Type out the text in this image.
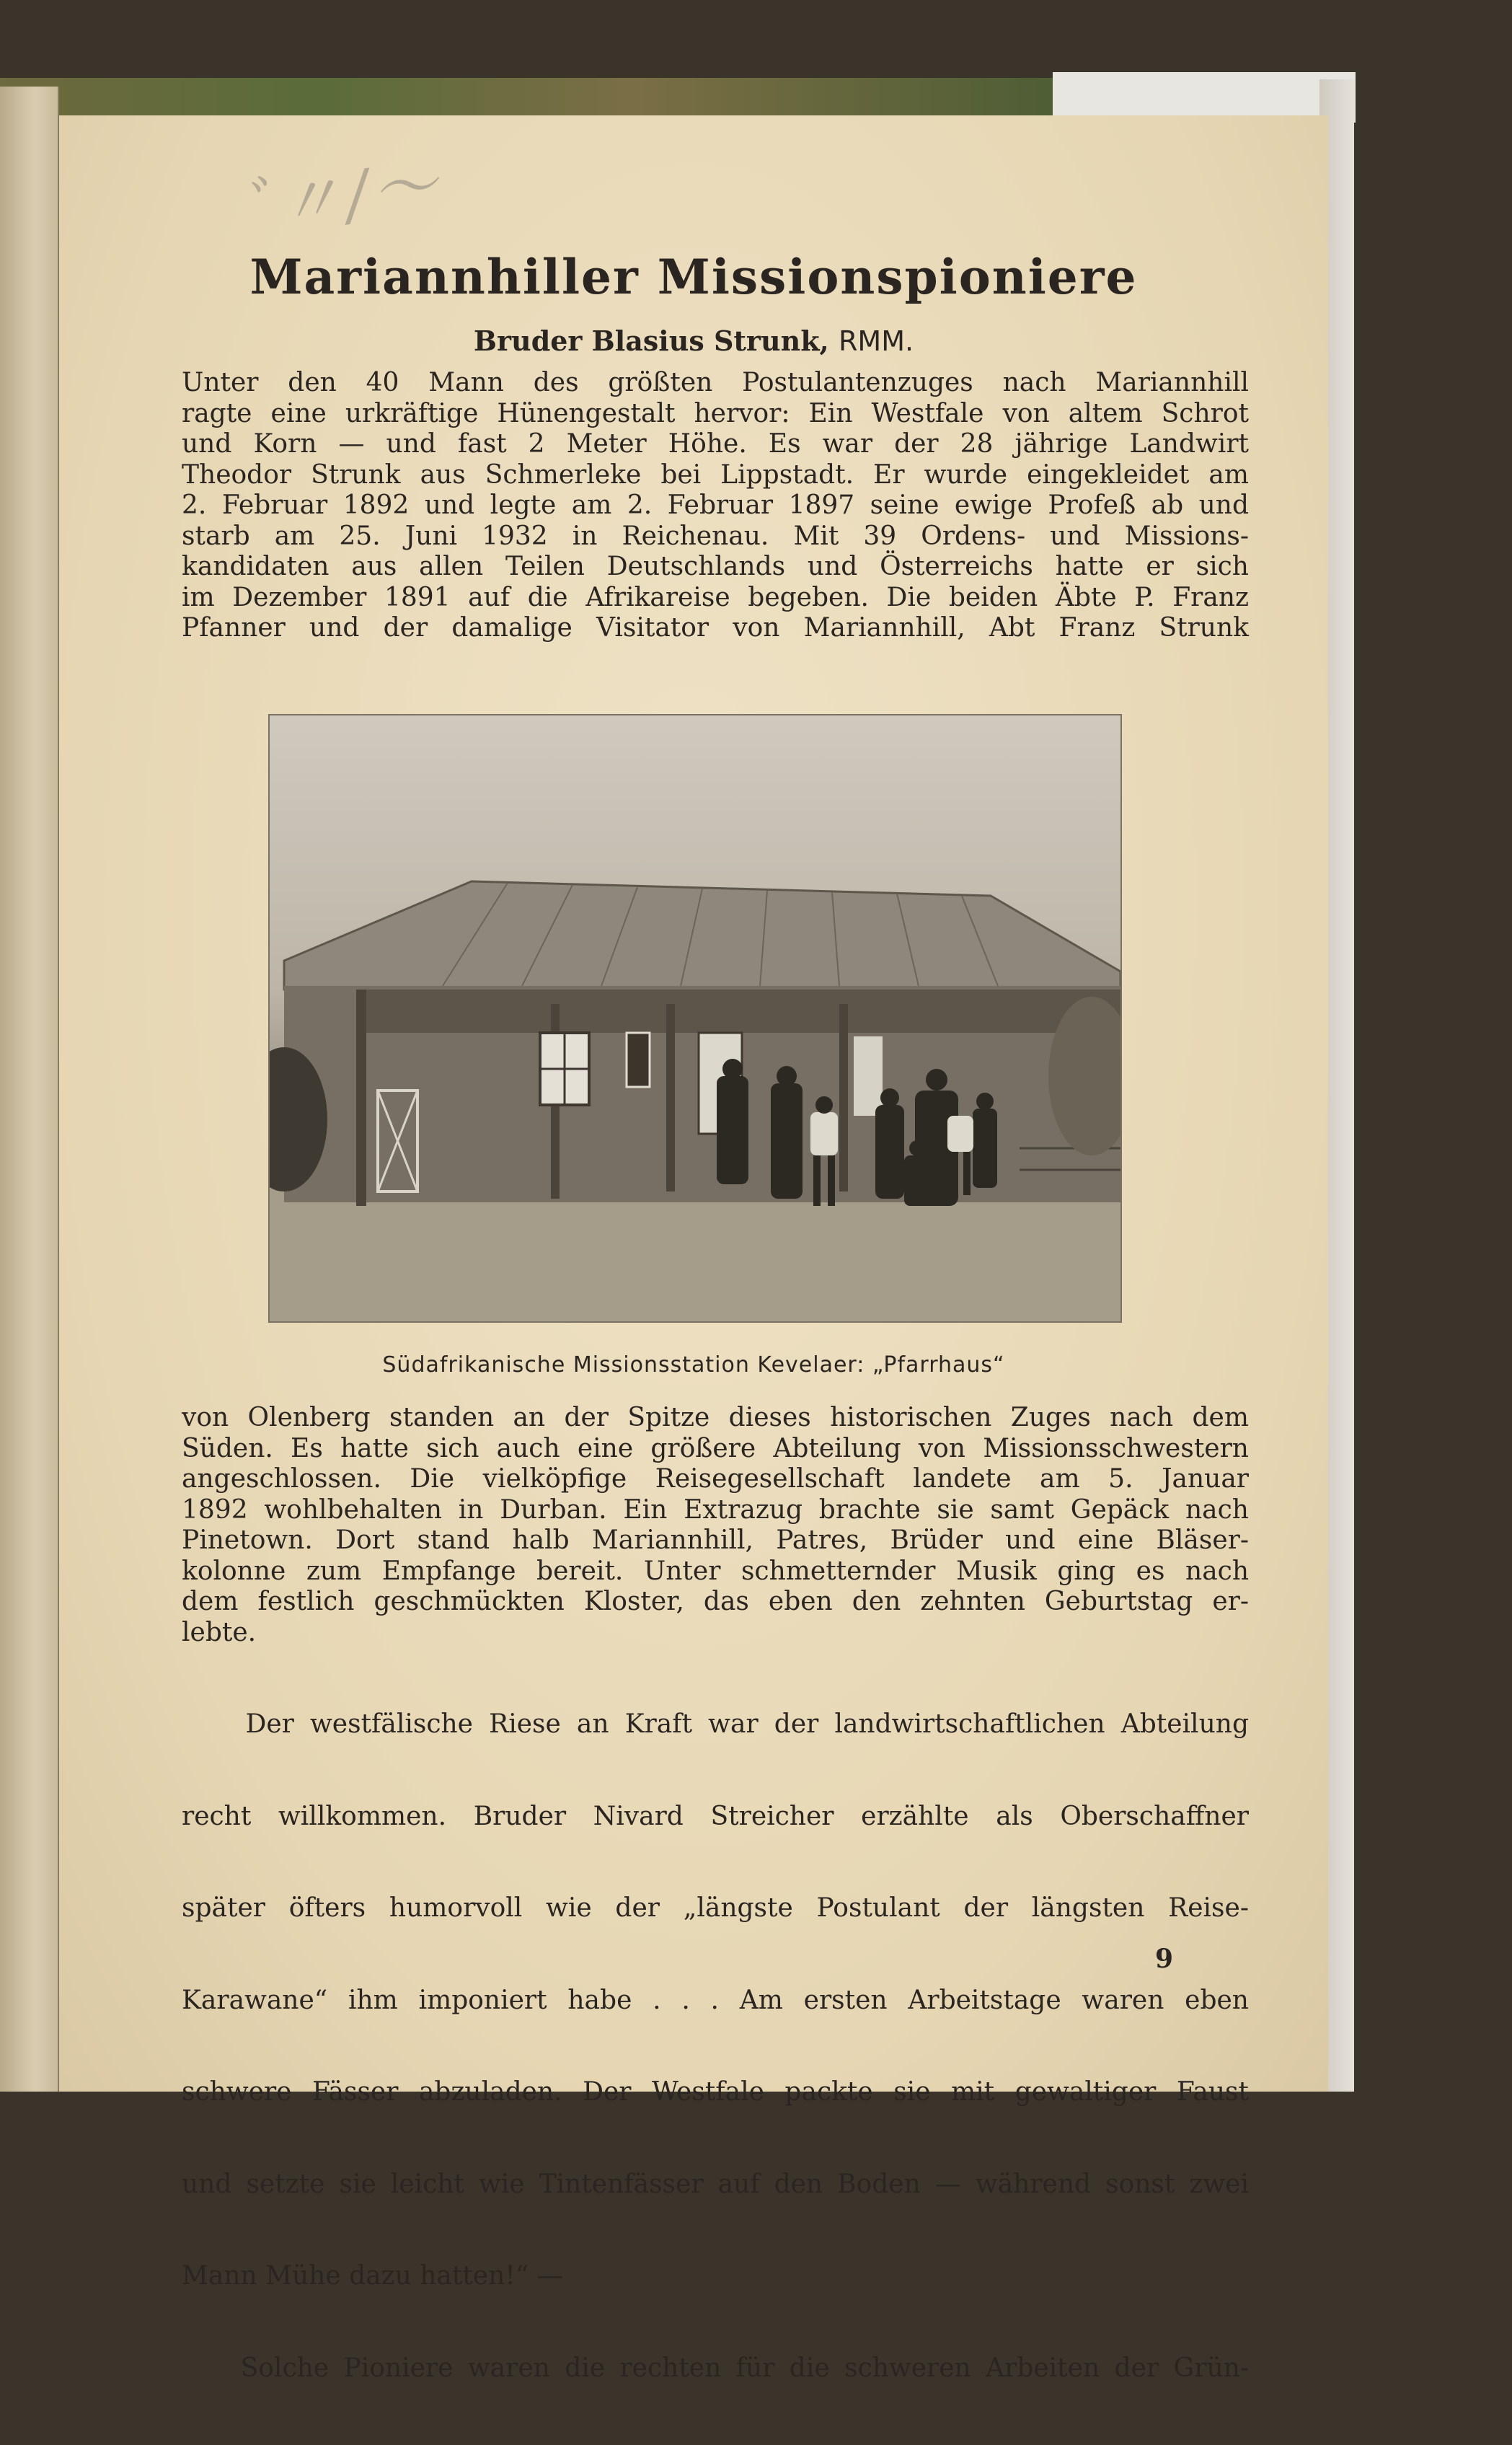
ﾞ〃/〜
Mariannhiller Missionspioniere
Bruder Blasius Strunk, RMM.
Unter den 40 Mann des größten Postulantenzuges nach Mariannhill
ragte eine urkräftige Hünengestalt hervor: Ein Westfale von altem Schrot
und Korn — und fast 2 Meter Höhe. Es war der 28 jährige Landwirt
Theodor Strunk aus Schmerleke bei Lippstadt. Er wurde eingekleidet am
2. Februar 1892 und legte am 2. Februar 1897 seine ewige Profeß ab und
starb am 25. Juni 1932 in Reichenau. Mit 39 Ordens- und Missions-
kandidaten aus allen Teilen Deutschlands und Österreichs hatte er sich
im Dezember 1891 auf die Afrikareise begeben. Die beiden Äbte P. Franz
Pfanner und der damalige Visitator von Mariannhill, Abt Franz Strunk
Südafrikanische Missionsstation Kevelaer: „Pfarrhaus“
von Olenberg standen an der Spitze dieses historischen Zuges nach dem
Süden. Es hatte sich auch eine größere Abteilung von Missionsschwestern
angeschlossen. Die vielköpfige Reisegesellschaft landete am 5. Januar
1892 wohlbehalten in Durban. Ein Extrazug brachte sie samt Gepäck nach
Pinetown. Dort stand halb Mariannhill, Patres, Brüder und eine Bläser-
kolonne zum Empfange bereit. Unter schmetternder Musik ging es nach
dem festlich geschmückten Kloster, das eben den zehnten Geburtstag er-
lebte.

Der westfälische Riese an Kraft war der landwirtschaftlichen Abteilung

recht willkommen. Bruder Nivard Streicher erzählte als Oberschaffner

später öfters humorvoll wie der „längste Postulant der längsten Reise-

Karawane“ ihm imponiert habe . . . Am ersten Arbeitstage waren eben

schwere Fässer abzuladen. Der Westfale packte sie mit gewaltiger Faust

und setzte sie leicht wie Tintenfässer auf den Boden — während sonst zwei

Mann Mühe dazu hatten!“ —

Solche Pioniere waren die rechten für die schweren Arbeiten der Grün-

9
